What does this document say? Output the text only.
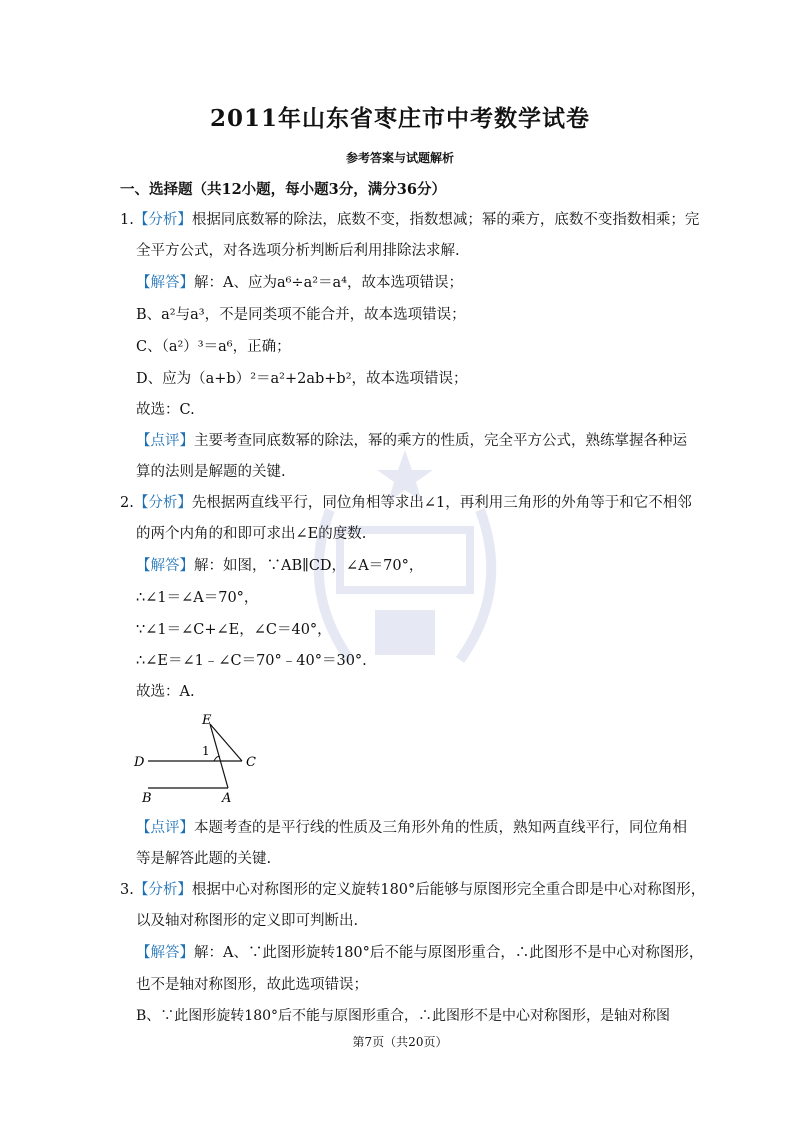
2011年山东省枣庄市中考数学试卷
参考答案与试题解析
一、选择题（共12小题，每小题3分，满分36分）
1.【分析】根据同底数幂的除法，底数不变，指数想减；幂的乘方，底数不变指数相乘；完
全平方公式，对各选项分析判断后利用排除法求解.
【解答】解：A、应为a⁶÷a²＝a⁴，故本选项错误；
B、a²与a³，不是同类项不能合并，故本选项错误；
C、（a²）³＝a⁶，正确；
D、应为（a+b）²＝a²+2ab+b²，故本选项错误；
故选：C.
【点评】主要考查同底数幂的除法，幂的乘方的性质，完全平方公式，熟练掌握各种运
算的法则是解题的关键.
2.【分析】先根据两直线平行，同位角相等求出∠1，再利用三角形的外角等于和它不相邻
的两个内角的和即可求出∠E的度数.
【解答】解：如图，∵AB∥CD，∠A＝70°，
∴∠1＝∠A＝70°，
∵∠1＝∠C+∠E，∠C＝40°，
∴∠E＝∠1﹣∠C＝70°﹣40°＝30°.
故选：A.
E
D	C
B	A
1
【点评】本题考查的是平行线的性质及三角形外角的性质，熟知两直线平行，同位角相
等是解答此题的关键.
3.【分析】根据中心对称图形的定义旋转180°后能够与原图形完全重合即是中心对称图形，
以及轴对称图形的定义即可判断出.
【解答】解：A、∵此图形旋转180°后不能与原图形重合，∴此图形不是中心对称图形，
也不是轴对称图形，故此选项错误；
B、∵此图形旋转180°后不能与原图形重合，∴此图形不是中心对称图形，是轴对称图
第7页（共20页）
